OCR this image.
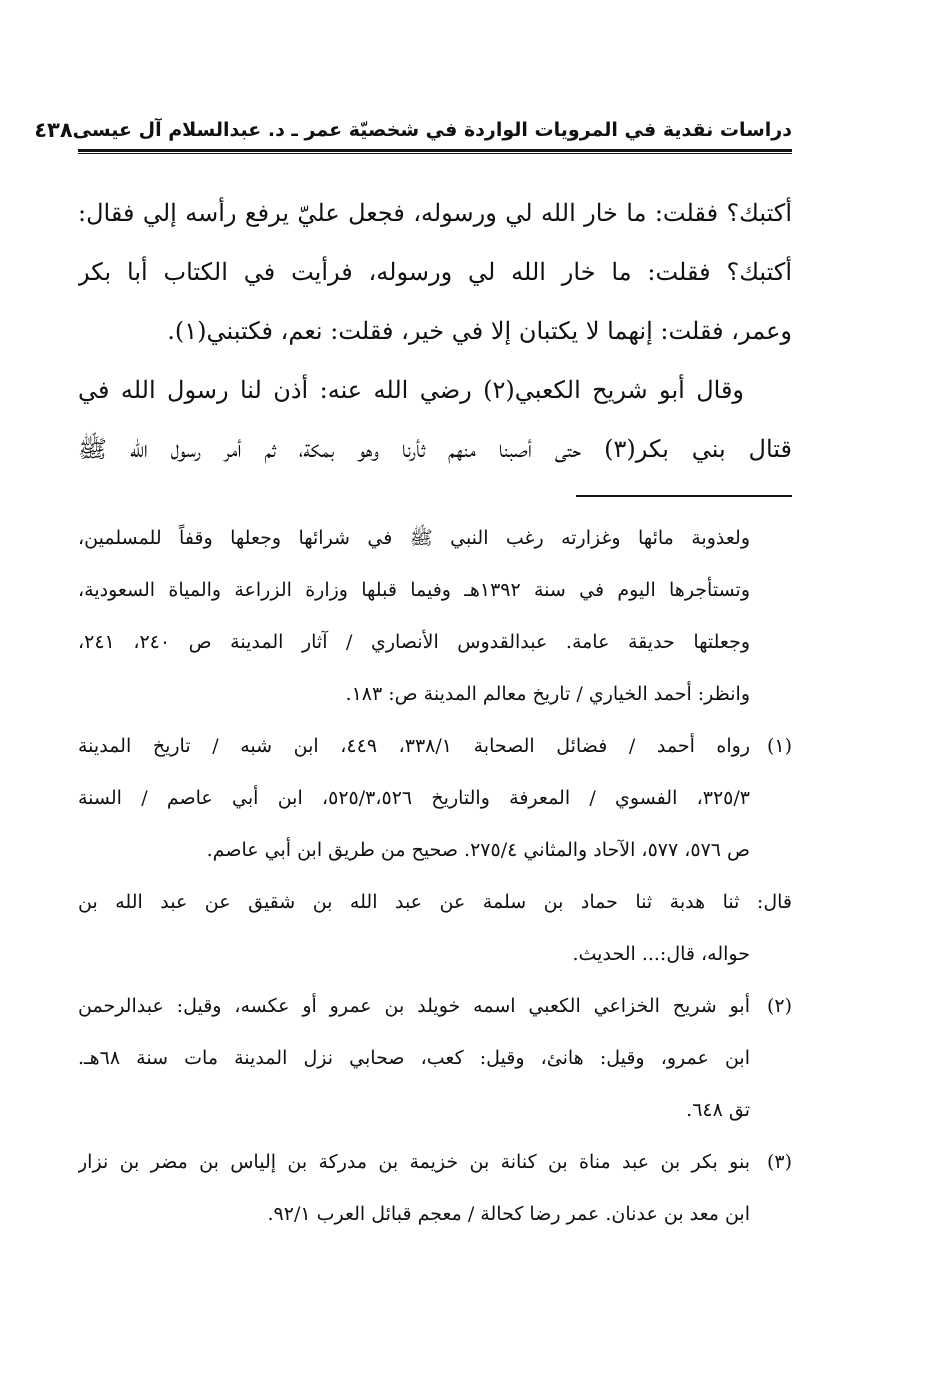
دراسات نقدية في المرويات الواردة في شخصيّة عمر ـ د. عبدالسلام آل عيسى
٤٣٨
أكتبك؟ فقلت: ما خار الله لي ورسوله، فجعل عليّ يرفع رأسه إلي فقال:
أكتبك؟ فقلت: ما خار الله لي ورسوله، فرأيت في الكتاب أبا بكر
وعمر، فقلت: إنهما لا يكتبان إلا في خير، فقلت: نعم، فكتبني(١).
وقال أبو شريح الكعبي(٢) رضي الله عنه: أذن لنا رسول الله في
قتال بني بكر(٣) حتى أصبنا منهم ثأرنا وهو بمكة، ثم أمر رسول الله ﷺ
ولعذوبة مائها وغزارته رغب النبي ﷺ في شرائها وجعلها وقفاً للمسلمين،
وتستأجرها اليوم في سنة ١٣٩٢هـ وفيما قبلها وزارة الزراعة والمياة السعودية،
وجعلتها حديقة عامة. عبدالقدوس الأنصاري / آثار المدينة ص ٢٤٠، ٢٤١،
وانظر: أحمد الخياري / تاريخ معالم المدينة ص: ١٨٣.
(١)
رواه أحمد / فضائل الصحابة ٣٣٨/١، ٤٤٩، ابن شبه / تاريخ المدينة
٣٢٥/٣، الفسوي / المعرفة والتاريخ ٥٢٥/٣،٥٢٦، ابن أبي عاصم / السنة
ص ٥٧٦، ٥٧٧، الآحاد والمثاني ٢٧٥/٤. صحيح من طريق ابن أبي عاصم.
قال: ثنا هدبة ثنا حماد بن سلمة عن عبد الله بن شقيق عن عبد الله بن
حواله، قال:... الحديث.
(٢)
أبو شريح الخزاعي الكعبي اسمه خويلد بن عمرو أو عكسه، وقيل: عبدالرحمن
ابن عمرو، وقيل: هانئ، وقيل: كعب، صحابي نزل المدينة مات سنة ٦٨هـ.
تق ٦٤٨.
(٣)
بنو بكر بن عبد مناة بن كنانة بن خزيمة بن مدركة بن إلياس بن مضر بن نزار
ابن معد بن عدنان. عمر رضا كحالة / معجم قبائل العرب ٩٢/١.
